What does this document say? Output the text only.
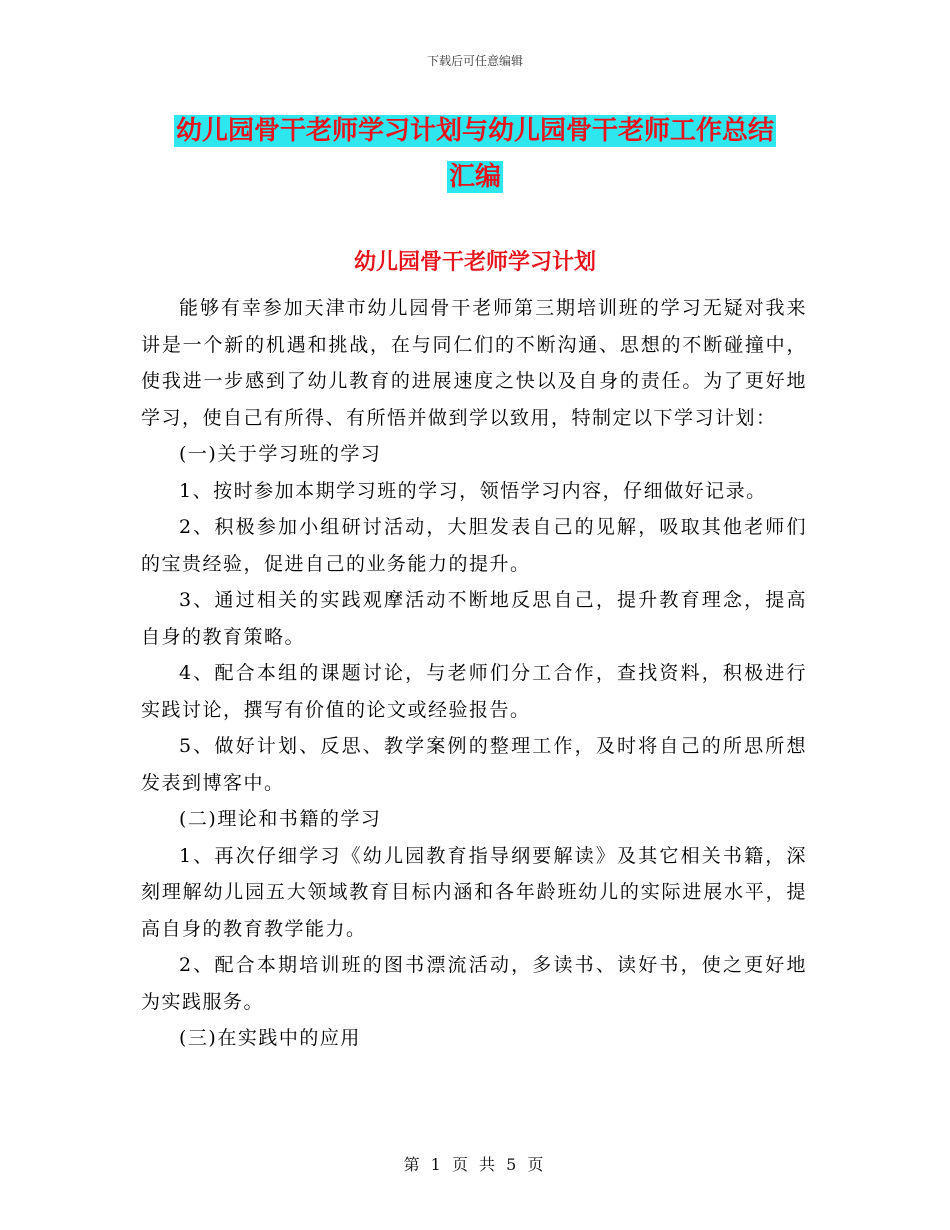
下载后可任意编辑
幼儿园骨干老师学习计划与幼儿园骨干老师工作总结
汇编
幼儿园骨干老师学习计划

能够有幸参加天津市幼儿园骨干老师第三期培训班的学习无疑对我来讲是一个新的机遇和挑战，在与同仁们的不断沟通、思想的不断碰撞中，使我进一步感到了幼儿教育的进展速度之快以及自身的责任。为了更好地学习，使自己有所得、有所悟并做到学以致用，特制定以下学习计划：

(一)关于学习班的学习

1、按时参加本期学习班的学习，领悟学习内容，仔细做好记录。

2、积极参加小组研讨活动，大胆发表自己的见解，吸取其他老师们的宝贵经验，促进自己的业务能力的提升。

3、通过相关的实践观摩活动不断地反思自己，提升教育理念，提高自身的教育策略。

4、配合本组的课题讨论，与老师们分工合作，查找资料，积极进行实践讨论，撰写有价值的论文或经验报告。

5、做好计划、反思、教学案例的整理工作，及时将自己的所思所想发表到博客中。

(二)理论和书籍的学习

1、再次仔细学习《幼儿园教育指导纲要解读》及其它相关书籍，深刻理解幼儿园五大领域教育目标内涵和各年龄班幼儿的实际进展水平，提高自身的教育教学能力。

2、配合本期培训班的图书漂流活动，多读书、读好书，使之更好地为实践服务。

(三)在实践中的应用

第 1 页 共 5 页
